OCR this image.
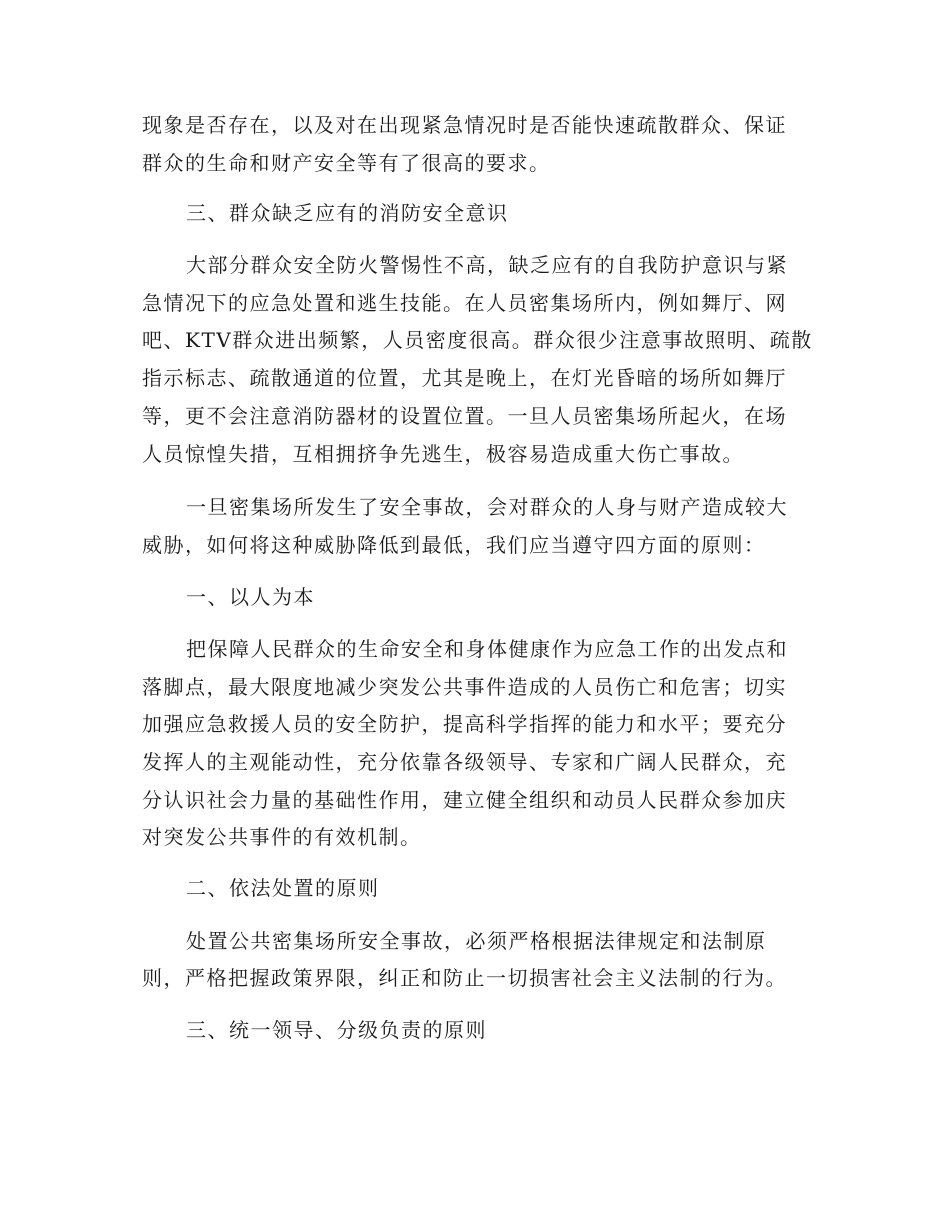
现象是否存在，以及对在出现紧急情况时是否能快速疏散群众、保证
群众的生命和财产安全等有了很高的要求。
三、群众缺乏应有的消防安全意识
大部分群众安全防火警惕性不高，缺乏应有的自我防护意识与紧
急情况下的应急处置和逃生技能。在人员密集场所内，例如舞厅、网
吧、KTV群众进出频繁，人员密度很高。群众很少注意事故照明、疏散
指示标志、疏散通道的位置，尤其是晚上，在灯光昏暗的场所如舞厅
等，更不会注意消防器材的设置位置。一旦人员密集场所起火，在场
人员惊惶失措，互相拥挤争先逃生，极容易造成重大伤亡事故。
一旦密集场所发生了安全事故，会对群众的人身与财产造成较大
威胁，如何将这种威胁降低到最低，我们应当遵守四方面的原则：
一、以人为本
把保障人民群众的生命安全和身体健康作为应急工作的出发点和
落脚点，最大限度地减少突发公共事件造成的人员伤亡和危害；切实
加强应急救援人员的安全防护，提高科学指挥的能力和水平；要充分
发挥人的主观能动性，充分依靠各级领导、专家和广阔人民群众，充
分认识社会力量的基础性作用，建立健全组织和动员人民群众参加庆
对突发公共事件的有效机制。
二、依法处置的原则
处置公共密集场所安全事故，必须严格根据法律规定和法制原
则，严格把握政策界限，纠正和防止一切损害社会主义法制的行为。
三、统一领导、分级负责的原则
